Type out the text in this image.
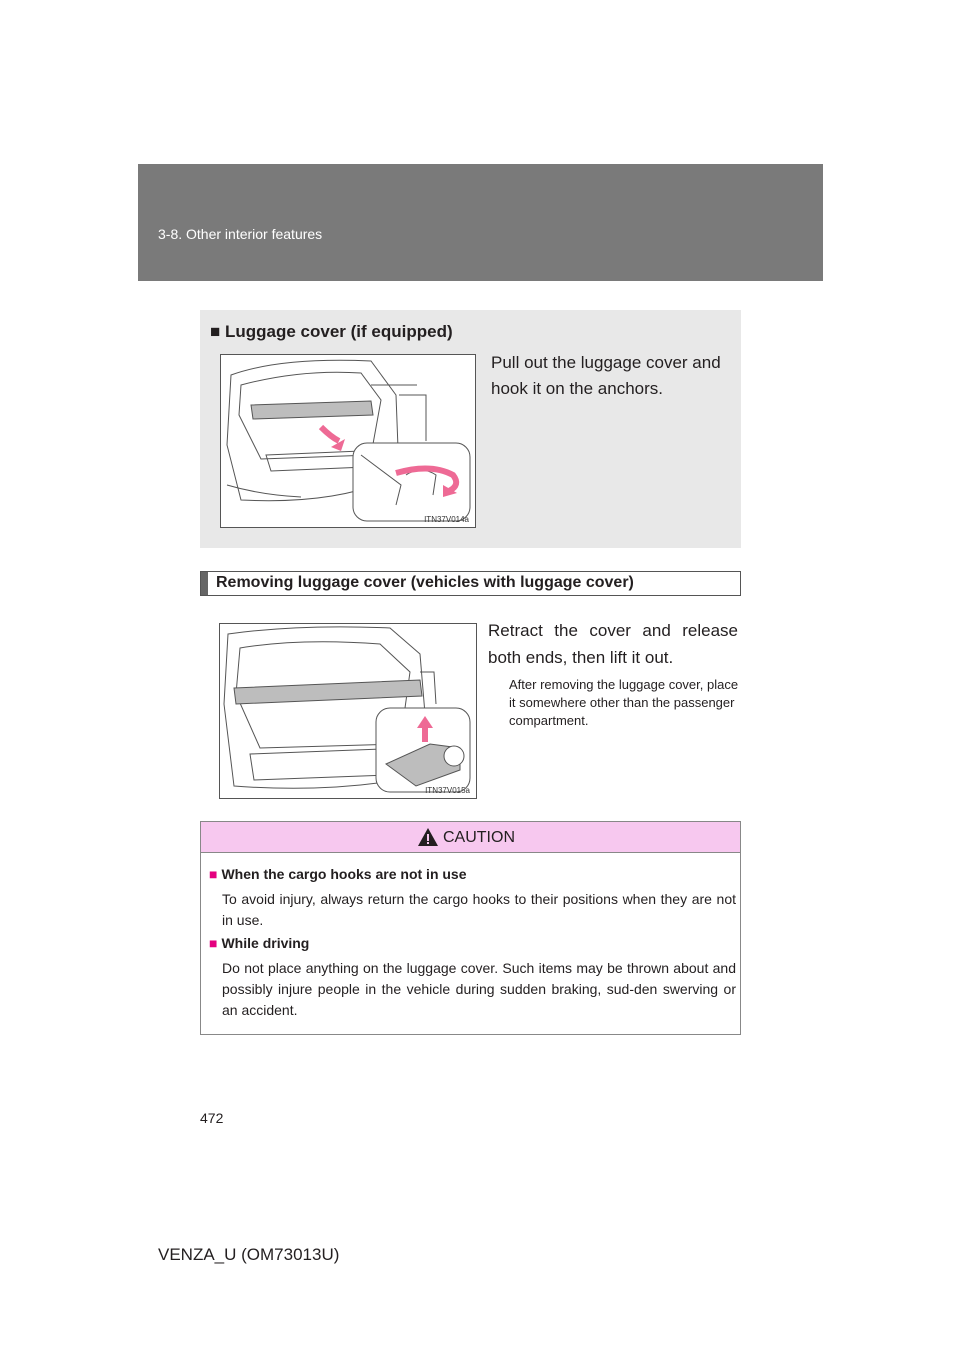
3-8. Other interior features
■ Luggage cover (if equipped)
ITN37V014a
Pull out the luggage cover and hook it on the anchors.
Removing luggage cover (vehicles with luggage cover)
ITN37V015a
Retract the cover and release both ends, then lift it out.
After removing the luggage cover, place it somewhere other than the passenger compartment.
CAUTION
■ When the cargo hooks are not in use
To avoid injury, always return the cargo hooks to their positions when they are not in use.
■ While driving
Do not place anything on the luggage cover. Such items may be thrown about and possibly injure people in the vehicle during sudden braking, sud-den swerving or an accident.
472
VENZA_U (OM73013U)
